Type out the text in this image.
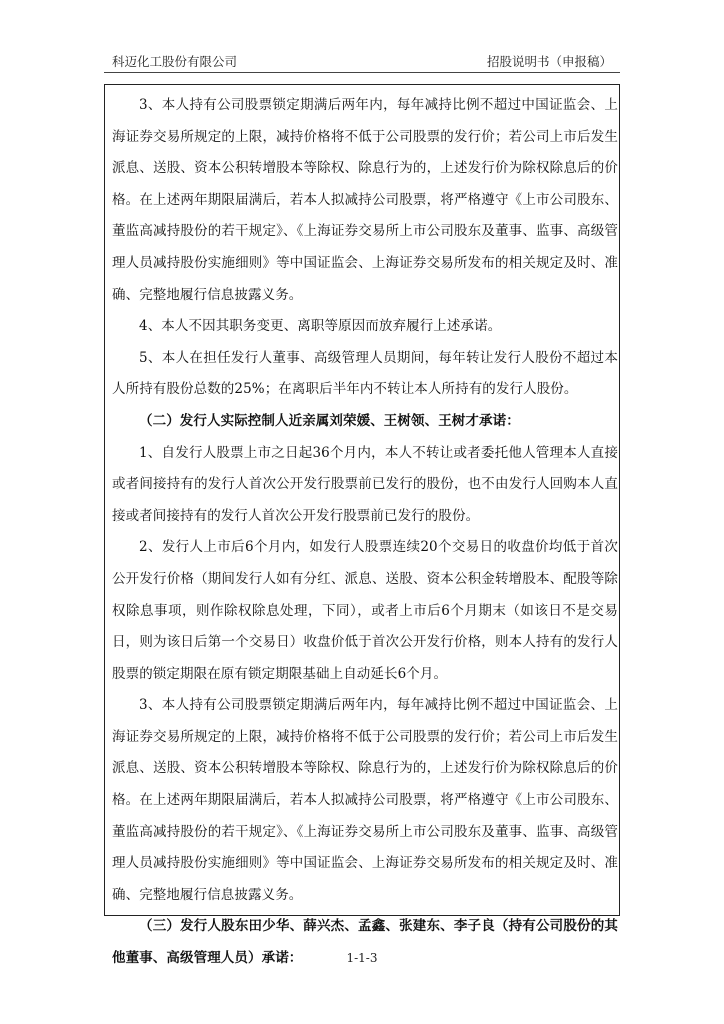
科迈化工股份有限公司	招股说明书（申报稿）

3、本人持有公司股票锁定期满后两年内，每年减持比例不超过中国证监会、上海证券交易所规定的上限，减持价格将不低于公司股票的发行价；若公司上市后发生派息、送股、资本公积转增股本等除权、除息行为的，上述发行价为除权除息后的价格。在上述两年期限届满后，若本人拟减持公司股票，将严格遵守《上市公司股东、董监高减持股份的若干规定》、《上海证券交易所上市公司股东及董事、监事、高级管理人员减持股份实施细则》等中国证监会、上海证券交易所发布的相关规定及时、准确、完整地履行信息披露义务。

4、本人不因其职务变更、离职等原因而放弃履行上述承诺。

5、本人在担任发行人董事、高级管理人员期间，每年转让发行人股份不超过本人所持有股份总数的25%；在离职后半年内不转让本人所持有的发行人股份。

（二）发行人实际控制人近亲属刘荣媛、王树领、王树才承诺：

1、自发行人股票上市之日起36个月内，本人不转让或者委托他人管理本人直接或者间接持有的发行人首次公开发行股票前已发行的股份，也不由发行人回购本人直接或者间接持有的发行人首次公开发行股票前已发行的股份。

2、发行人上市后6个月内，如发行人股票连续20个交易日的收盘价均低于首次公开发行价格（期间发行人如有分红、派息、送股、资本公积金转增股本、配股等除权除息事项，则作除权除息处理，下同），或者上市后6个月期末（如该日不是交易日，则为该日后第一个交易日）收盘价低于首次公开发行价格，则本人持有的发行人股票的锁定期限在原有锁定期限基础上自动延长6个月。

3、本人持有公司股票锁定期满后两年内，每年减持比例不超过中国证监会、上海证券交易所规定的上限，减持价格将不低于公司股票的发行价；若公司上市后发生派息、送股、资本公积转增股本等除权、除息行为的，上述发行价为除权除息后的价格。在上述两年期限届满后，若本人拟减持公司股票，将严格遵守《上市公司股东、董监高减持股份的若干规定》、《上海证券交易所上市公司股东及董事、监事、高级管理人员减持股份实施细则》等中国证监会、上海证券交易所发布的相关规定及时、准确、完整地履行信息披露义务。

（三）发行人股东田少华、薛兴杰、孟鑫、张建东、李子良（持有公司股份的其他董事、高级管理人员）承诺：	1-1-3
